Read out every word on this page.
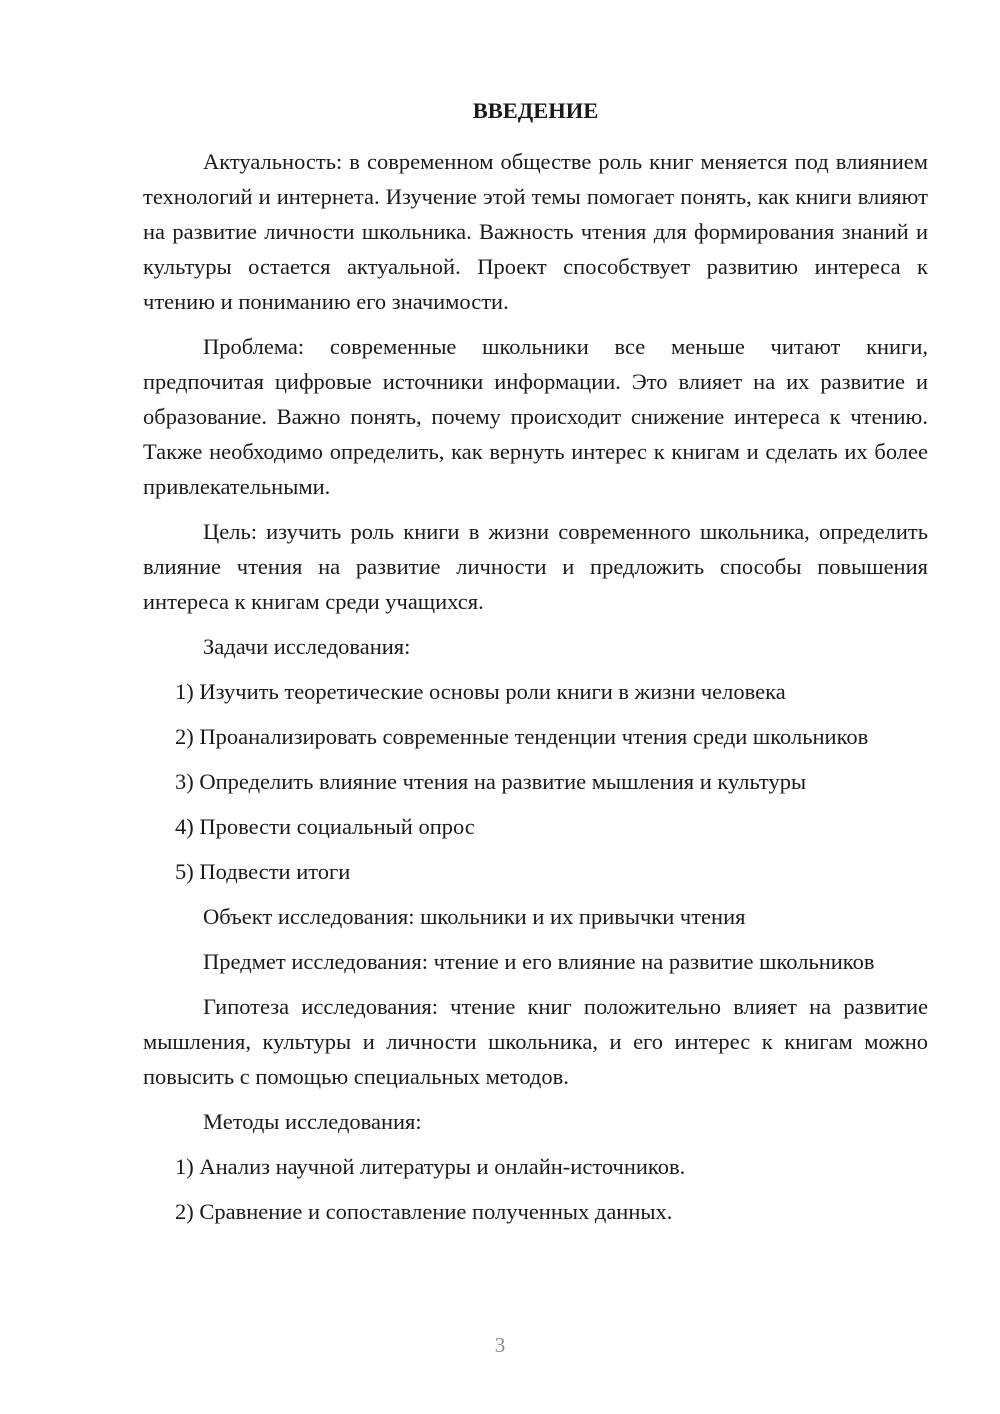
ВВЕДЕНИЕ

Актуальность: в современном обществе роль книг меняется под влиянием технологий и интернета. Изучение этой темы помогает понять, как книги влияют на развитие личности школьника. Важность чтения для формирования знаний и культуры остается актуальной. Проект способствует развитию интереса к чтению и пониманию его значимости.

Проблема: современные школьники все меньше читают книги, предпочитая цифровые источники информации. Это влияет на их развитие и образование. Важно понять, почему происходит снижение интереса к чтению. Также необходимо определить, как вернуть интерес к книгам и сделать их более привлекательными.

Цель: изучить роль книги в жизни современного школьника, определить влияние чтения на развитие личности и предложить способы повышения интереса к книгам среди учащихся.

Задачи исследования:

1) Изучить теоретические основы роли книги в жизни человека

2) Проанализировать современные тенденции чтения среди школьников

3) Определить влияние чтения на развитие мышления и культуры

4) Провести социальный опрос

5) Подвести итоги

Объект исследования: школьники и их привычки чтения

Предмет исследования: чтение и его влияние на развитие школьников

Гипотеза исследования: чтение книг положительно влияет на развитие мышления, культуры и личности школьника, и его интерес к книгам можно повысить с помощью специальных методов.

Методы исследования:

1) Анализ научной литературы и онлайн-источников.

2) Сравнение и сопоставление полученных данных.

3
